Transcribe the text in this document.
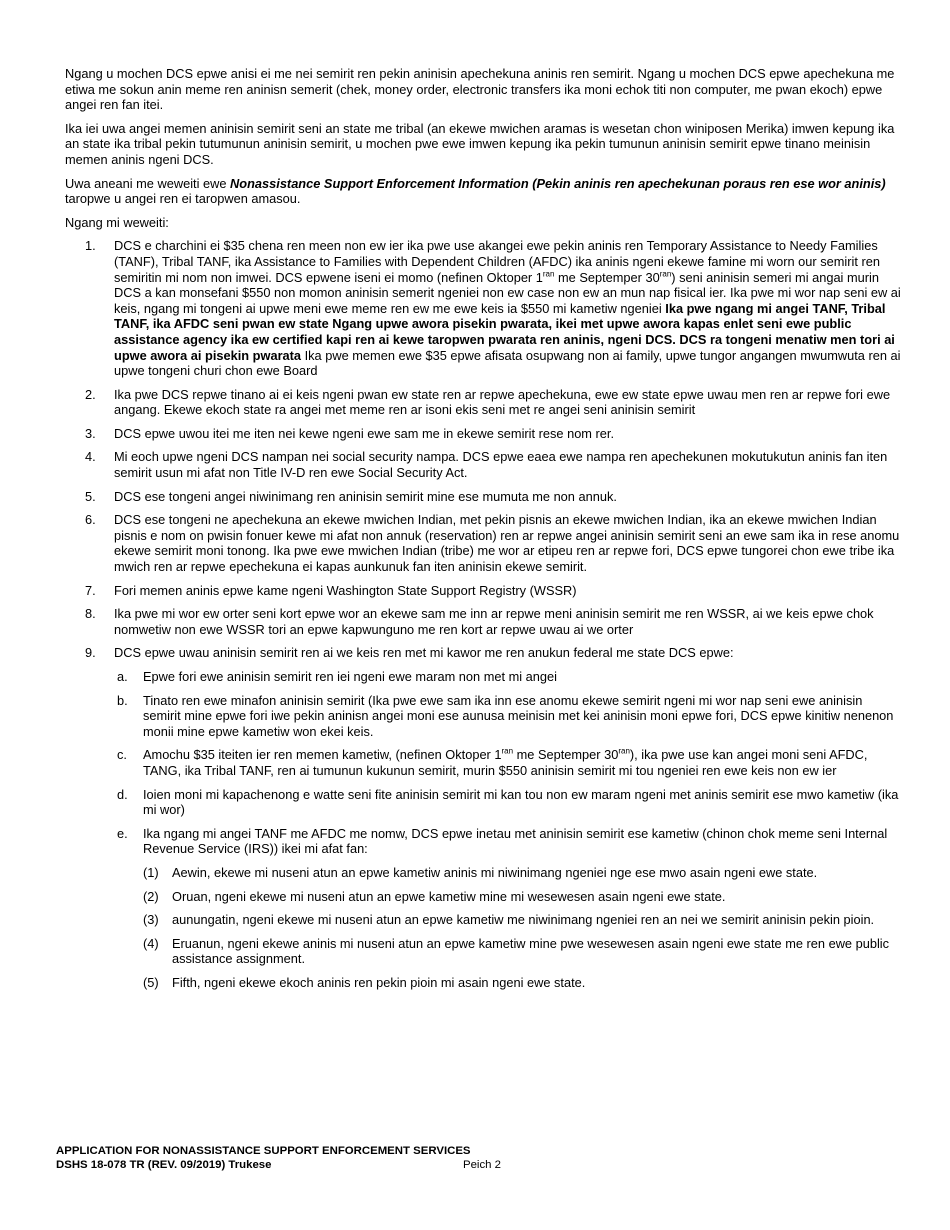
Ngang u mochen DCS epwe anisi ei me nei semirit ren pekin aninisin apechekuna aninis ren semirit. Ngang u mochen DCS epwe apechekuna me etiwa me sokun anin meme ren aninisn semerit (chek, money order, electronic transfers ika moni echok titi non computer, me pwan ekoch) epwe angei ren fan itei.

Ika iei uwa angei memen aninisin semirit seni an state me tribal (an ekewe mwichen aramas is wesetan chon winiposen Merika) imwen kepung ika an state ika tribal pekin tutumunun aninisin semirit, u mochen pwe ewe imwen kepung ika pekin tumunun aninisin semirit epwe tinano meinisin memen aninis ngeni DCS.

Uwa aneani me weweiti ewe Nonassistance Support Enforcement Information (Pekin aninis ren apechekunan poraus ren ese wor aninis) taropwe u angei ren ei taropwen amasou.

Ngang mi weweiti:

1. DCS e charchini ei $35 chena ren meen non ew ier ika pwe use akangei ewe pekin aninis ren Temporary Assistance to Needy Families (TANF), Tribal TANF, ika Assistance to Families with Dependent Children (AFDC) ika aninis ngeni ekewe famine mi worn our semirit ren semiritin mi nom non imwei. DCS epwene iseni ei momo (nefinen Oktoper $1^{ran}$ me Septemper $30^{ran}$) seni aninisin semeri mi angai murin DCS a kan monsefani $550 non momon aninisin semerit ngeniei non ew case non ew an mun nap fisical ier. Ika pwe mi wor nap seni ew ai keis, ngang mi tongeni ai upwe meni ewe meme ren ew me ewe keis ia $550 mi kametiw ngeniei Ika pwe ngang mi angei TANF, Tribal TANF, ika AFDC seni pwan ew state Ngang upwe awora pisekin pwarata, ikei met upwe awora kapas enlet seni ewe public assistance agency ika ew certified kapi ren ai kewe taropwen pwarata ren aninis, ngeni DCS. DCS ra tongeni menatiw men tori ai upwe awora ai pisekin pwarata Ika pwe memen ewe $35 epwe afisata osupwang non ai family, upwe tungor angangen mwumwuta ren ai upwe tongeni churi chon ewe Board
2. Ika pwe DCS repwe tinano ai ei keis ngeni pwan ew state ren ar repwe apechekuna, ewe ew state epwe uwau men ren ar repwe fori ewe angang. Ekewe ekoch state ra angei met meme ren ar isoni ekis seni met re angei seni aninisin semirit
3. DCS epwe uwou itei me iten nei kewe ngeni ewe sam me in ekewe semirit rese nom rer.
4. Mi eoch upwe ngeni DCS nampan nei social security nampa. DCS epwe eaea ewe nampa ren apechekunen mokutukutun aninis fan iten semirit usun mi afat non Title IV-D ren ewe Social Security Act.
5. DCS ese tongeni angei niwinimang ren aninisin semirit mine ese mumuta me non annuk.
6. DCS ese tongeni ne apechekuna an ekewe mwichen Indian, met pekin pisnis an ekewe mwichen Indian, ika an ekewe mwichen Indian pisnis e nom on pwisin fonuer kewe mi afat non annuk (reservation) ren ar repwe angei aninisin semirit seni an ewe sam ika in rese anomu ekewe semirit moni tonong. Ika pwe ewe mwichen Indian (tribe) me wor ar etipeu ren ar repwe fori, DCS epwe tungorei chon ewe tribe ika mwich ren ar repwe epechekuna ei kapas aunkunuk fan iten aninisin ekewe semirit.
7. Fori memen aninis epwe kame ngeni Washington State Support Registry (WSSR)
8. Ika pwe mi wor ew orter seni kort epwe wor an ekewe sam me inn ar repwe meni aninisin semirit me ren WSSR, ai we keis epwe chok nomwetiw non ewe WSSR tori an epwe kapwunguno me ren kort ar repwe uwau ai we orter
9. DCS epwe uwau aninisin semirit ren ai we keis ren met mi kawor me ren anukun federal me state DCS epwe:
a. Epwe fori ewe aninisin semirit ren iei ngeni ewe maram non met mi angei
b. Tinato ren ewe minafon aninisin semirit (Ika pwe ewe sam ika inn ese anomu ekewe semirit ngeni mi wor nap seni ewe aninisin semirit mine epwe fori iwe pekin aninisn angei moni ese aunusa meinisin met kei aninisin moni epwe fori, DCS epwe kinitiw nenenon monii mine epwe kametiw won ekei keis.
c. Amochu $35 iteiten ier ren memen kametiw, (nefinen Oktoper $1^{ran}$ me Septemper $30^{ran}$), ika pwe use kan angei moni seni AFDC, TANG, ika Tribal TANF, ren ai tumunun kukunun semirit, murin $550 aninisin semirit mi tou ngeniei ren ewe keis non ew ier
d. Ioien moni mi kapachenong e watte seni fite aninisin semirit mi kan tou non ew maram ngeni met aninis semirit ese mwo kametiw (ika mi wor)
e. Ika ngang mi angei TANF me AFDC me nomw, DCS epwe inetau met aninisin semirit ese kametiw (chinon chok meme seni Internal Revenue Service (IRS)) ikei mi afat fan:
(1) Aewin, ekewe mi nuseni atun an epwe kametiw aninis mi niwinimang ngeniei nge ese mwo asain ngeni ewe state.
(2) Oruan, ngeni ekewe mi nuseni atun an epwe kametiw mine mi wesewesen asain ngeni ewe state.
(3) aunungatin, ngeni ekewe mi nuseni atun an epwe kametiw me niwinimang ngeniei ren an nei we semirit aninisin pekin pioin.
(4) Eruanun, ngeni ekewe aninis mi nuseni atun an epwe kametiw mine pwe wesewesen asain ngeni ewe state me ren ewe public assistance assignment.
(5) Fifth, ngeni ekewe ekoch aninis ren pekin pioin mi asain ngeni ewe state.
APPLICATION FOR NONASSISTANCE SUPPORT ENFORCEMENT SERVICES
DSHS 18-078 TR (REV. 09/2019) Trukese	Peich 2
